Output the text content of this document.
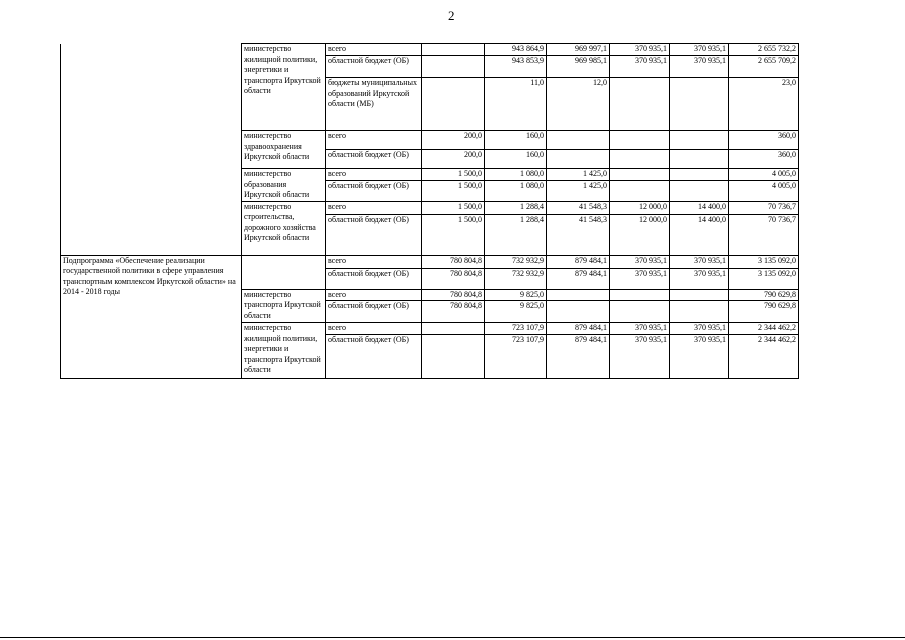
2
	министерство жилищной политики, энергетики и транспорта Иркутской области	всего		943 864,9	969 997,1	370 935,1	370 935,1	2 655 732,2
		областной бюджет (ОБ)		943 853,9	969 985,1	370 935,1	370 935,1	2 655 709,2
		бюджеты муниципальных образований Иркутской области (МБ)		11,0	12,0			23,0
	министерство здравоохранения Иркутской области	всего	200,0	160,0				360,0
		областной бюджет (ОБ)	200,0	160,0				360,0
	министерство образования Иркутской области	всего	1 500,0	1 080,0	1 425,0			4 005,0
		областной бюджет (ОБ)	1 500,0	1 080,0	1 425,0			4 005,0
	министерство строительства, дорожного хозяйства Иркутской области	всего	1 500,0	1 288,4	41 548,3	12 000,0	14 400,0	70 736,7
		областной бюджет (ОБ)	1 500,0	1 288,4	41 548,3	12 000,0	14 400,0	70 736,7
Подпрограмма «Обеспечение реализации государственной политики в сфере управления транспортным комплексом Иркутской области» на 2014 - 2018 годы		всего	780 804,8	732 932,9	879 484,1	370 935,1	370 935,1	3 135 092,0
		областной бюджет (ОБ)	780 804,8	732 932,9	879 484,1	370 935,1	370 935,1	3 135 092,0
	министерство транспорта Иркутской области	всего	780 804,8	9 825,0				790 629,8
		областной бюджет (ОБ)	780 804,8	9 825,0				790 629,8
	министерство жилищной политики, энергетики и транспорта Иркутской области	всего		723 107,9	879 484,1	370 935,1	370 935,1	2 344 462,2
		областной бюджет (ОБ)		723 107,9	879 484,1	370 935,1	370 935,1	2 344 462,2
